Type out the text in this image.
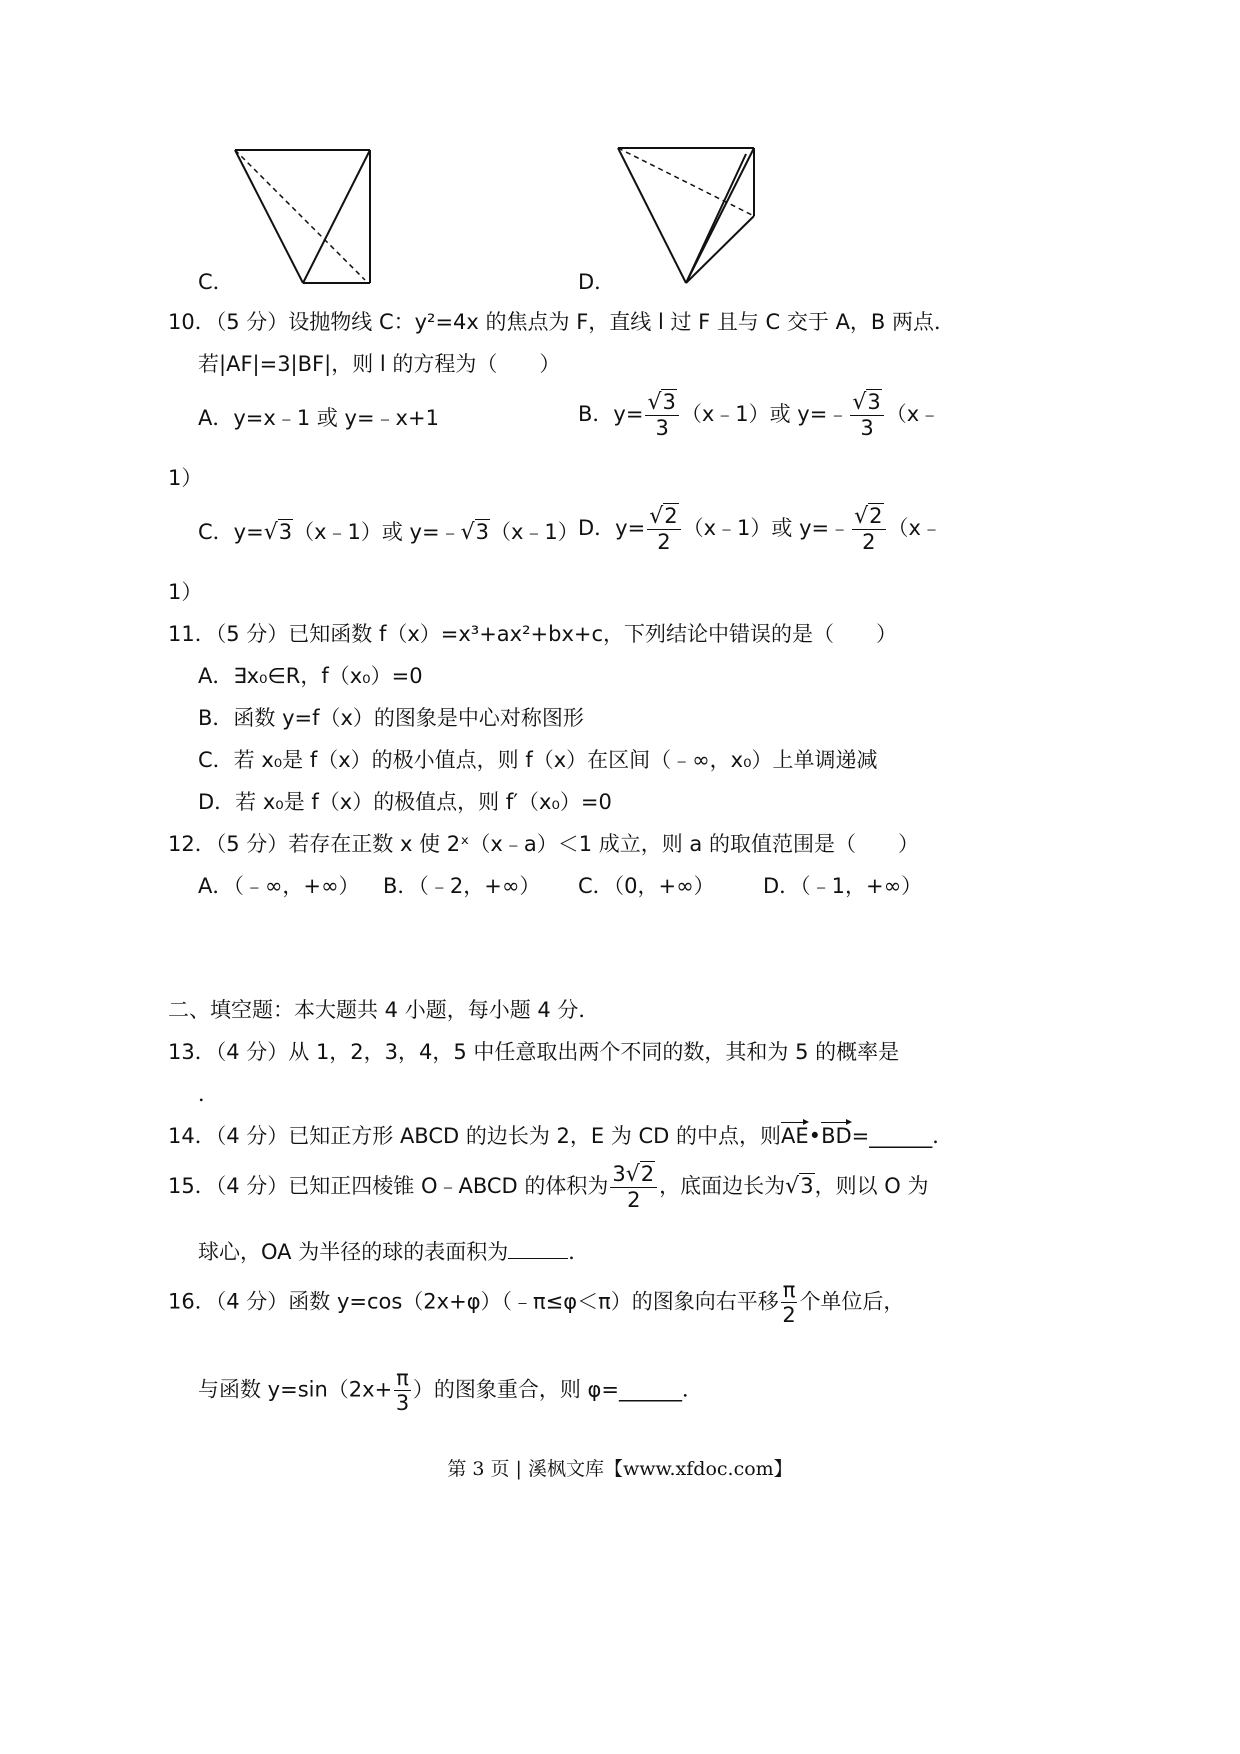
C．	D．
10．（5 分）设抛物线 C：y²=4x 的焦点为 F，直线 l 过 F 且与 C 交于 A，B 两点．
若|AF|=3|BF|，则 l 的方程为（　　）
A．y=x﹣1 或 y=﹣x+1	B．$y= \frac{√3}{3}$ （x﹣1）或 y=﹣ $\frac{√3}{3}$ （x﹣
1）
C．y=√3（x﹣1）或 y=﹣√3（x﹣1） D．$y= \frac{√2}{2}$ （x﹣1）或 y=﹣ $\frac{√2}{2}$ （x﹣
1）
11．（5 分）已知函数 f（x）=x³+ax²+bx+c，下列结论中错误的是（　　）
A．∃x₀∈R，f（x₀）=0
B．函数 y=f（x）的图象是中心对称图形
C．若 x₀是 f（x）的极小值点，则 f（x）在区间（﹣∞，x₀）上单调递减
D．若 x₀是 f（x）的极值点，则 f′（x₀）=0
12．（5 分）若存在正数 x 使 2ˣ（x﹣a）＜1 成立，则 a 的取值范围是（　　）
A．（﹣∞，+∞） B．（﹣2，+∞） C．（0，+∞） D．（﹣1，+∞）
二、填空题：本大题共 4 小题，每小题 4 分．
13．（4 分）从 1，2，3，4，5 中任意取出两个不同的数，其和为 5 的概率是
．
14．（4 分）已知正方形 ABCD 的边长为 2，E 为 CD 的中点，则AE•BD=______．
15．（4 分）已知正四棱锥 O﹣ABCD 的体积为 $\frac{3√2}{2}$ ，底面边长为√3，则以 O 为
球心，OA 为半径的球的表面积为	．
16．（4 分）函数 y=cos（2x+φ）（﹣π≤φ＜π）的图象向右平移 $\frac{\pi}{2}$ 个单位后，
与函数 $y=\sin(2x+ \frac{\pi}{3}$ ）的图象重合，则 φ=______．
第 3 页 | 溪枫文库【www.xfdoc.com】
